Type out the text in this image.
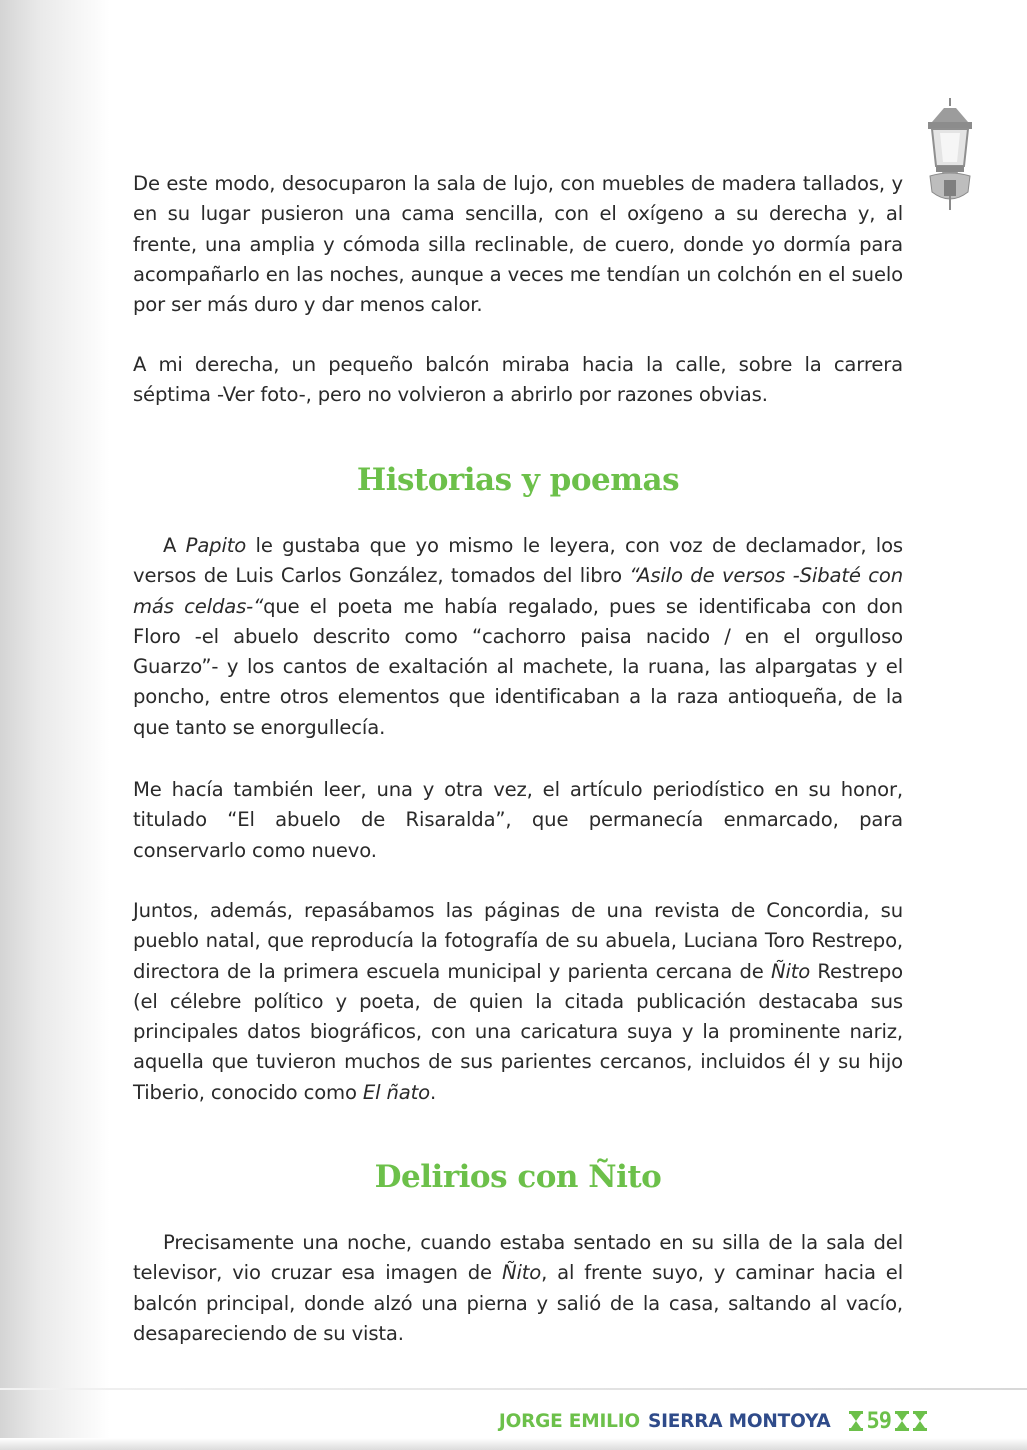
De este modo, desocuparon la sala de lujo, con muebles de madera tallados, y en su lugar pusieron una cama sencilla, con el oxígeno a su derecha y, al frente, una amplia y cómoda silla reclinable, de cuero, donde yo dormía para acompañarlo en las noches, aunque a veces me tendían un colchón en el suelo por ser más duro y dar menos calor.

A mi derecha, un pequeño balcón miraba hacia la calle, sobre la carrera séptima -Ver foto-, pero no volvieron a abrirlo por razones obvias.

Historias y poemas

A Papito le gustaba que yo mismo le leyera, con voz de declamador, los versos de Luis Carlos González, tomados del libro “Asilo de versos -Sibaté con más celdas-“que el poeta me había regalado, pues se identificaba con don Floro -el abuelo descrito como “cachorro paisa nacido / en el orgulloso Guarzo”- y los cantos de exaltación al machete, la ruana, las alpargatas y el poncho, entre otros elementos que identificaban a la raza antioqueña, de la que tanto se enorgullecía.

Me hacía también leer, una y otra vez, el artículo periodístico en su honor, titulado “El abuelo de Risaralda”, que permanecía enmarcado, para conservarlo como nuevo.

Juntos, además, repasábamos las páginas de una revista de Concordia, su pueblo natal, que reproducía la fotografía de su abuela, Luciana Toro Restrepo, directora de la primera escuela municipal y parienta cercana de Ñito Restrepo (el célebre político y poeta, de quien la citada publicación destacaba sus principales datos biográficos, con una caricatura suya y la prominente nariz, aquella que tuvieron muchos de sus parientes cercanos, incluidos él y su hijo Tiberio, conocido como El ñato.

Delirios con Ñito

Precisamente una noche, cuando estaba sentado en su silla de la sala del televisor, vio cruzar esa imagen de Ñito, al frente suyo, y caminar hacia el balcón principal, donde alzó una pierna y salió de la casa, saltando al vacío, desapareciendo de su vista.

JORGE EMILIO SIERRA MONTOYA 59
